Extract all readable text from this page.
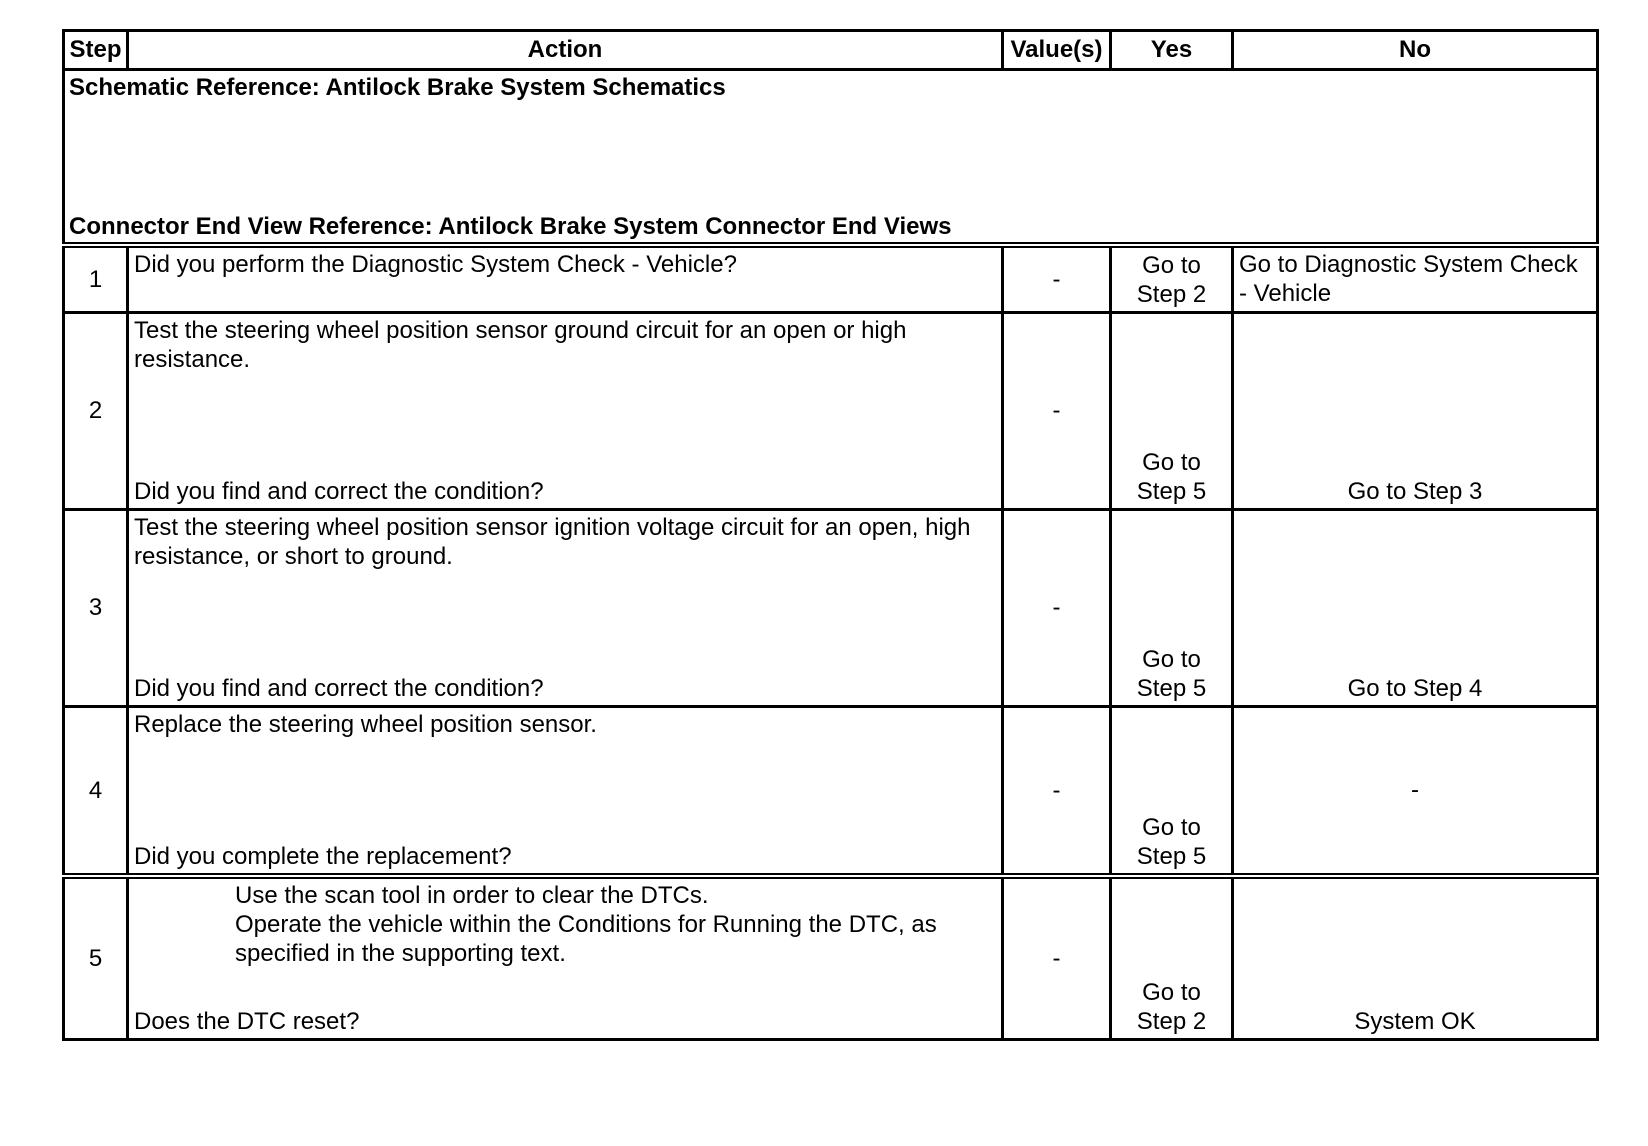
Step	Action	Value(s)	Yes	No

Schematic Reference: Antilock Brake System Schematics
Connector End View Reference: Antilock Brake System Connector End Views				

1	Did you perform the Diagnostic System Check - Vehicle?	-	Go to Step 2	Go to Diagnostic System Check - Vehicle

2	Test the steering wheel position sensor ground circuit for an open or high resistance.
Did you find and correct the condition?	-	Go to Step 5	Go to Step 3

3	Test the steering wheel position sensor ignition voltage circuit for an open, high resistance, or short to ground.
Did you find and correct the condition?	-	Go to Step 5	Go to Step 4

4	Replace the steering wheel position sensor.
Did you complete the replacement?	-	Go to Step 5	-

5	Use the scan tool in order to clear the DTCs.
Operate the vehicle within the Conditions for Running the DTC, as specified in the supporting text.
Does the DTC reset?	-	Go to Step 2	System OK
